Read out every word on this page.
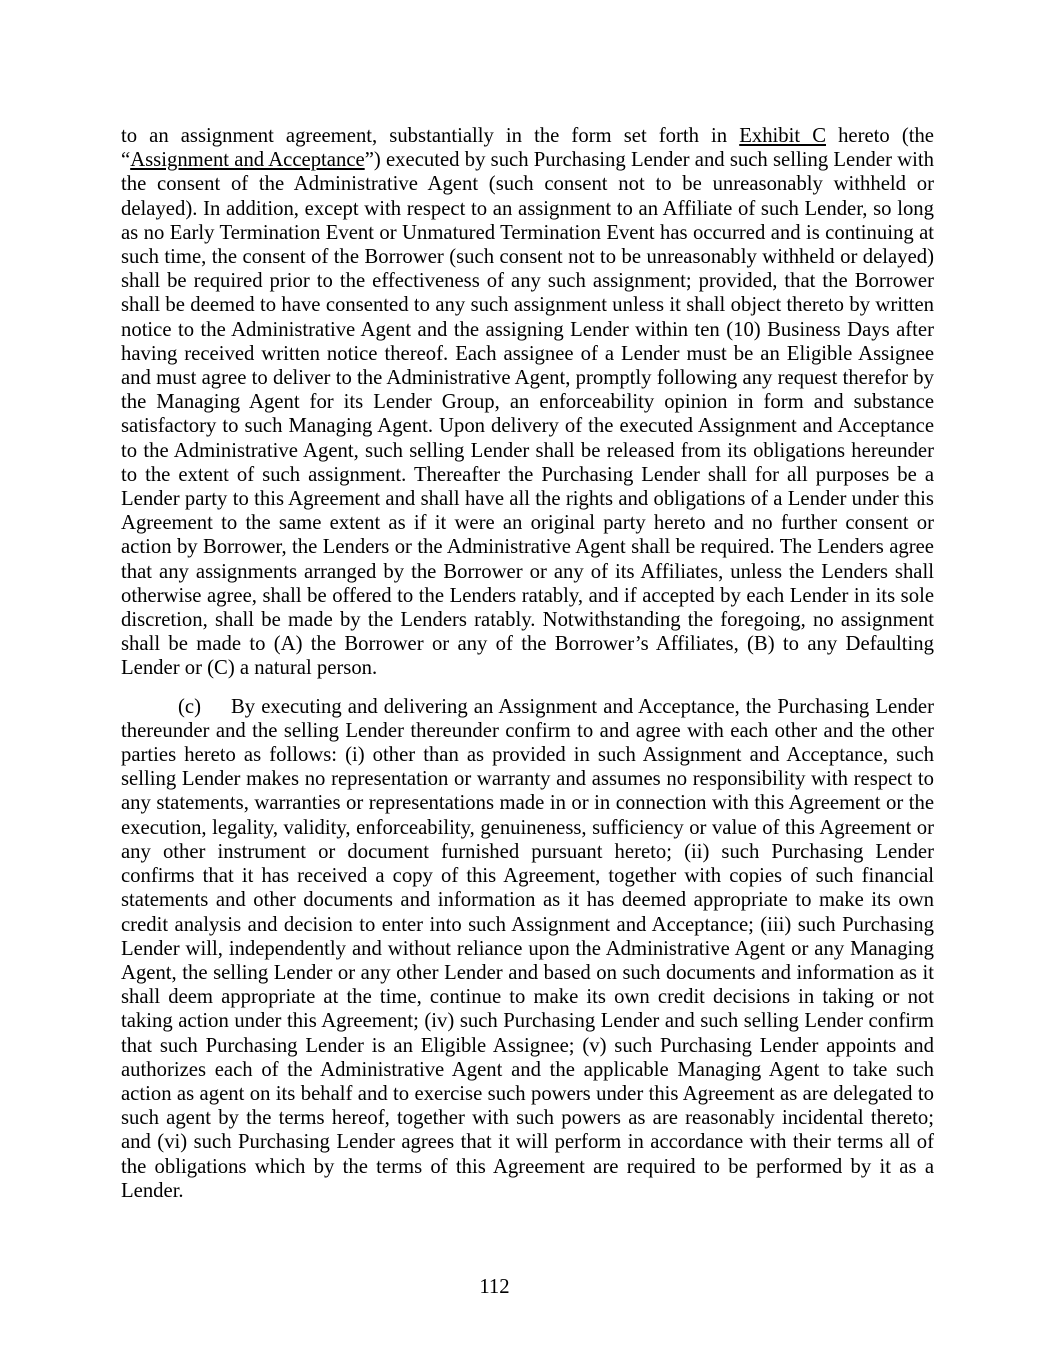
to an assignment agreement, substantially in the form set forth in Exhibit C hereto (the “Assignment and Acceptance”) executed by such Purchasing Lender and such selling Lender with the consent of the Administrative Agent (such consent not to be unreasonably withheld or delayed). In addition, except with respect to an assignment to an Affiliate of such Lender, so long as no Early Termination Event or Unmatured Termination Event has occurred and is continuing at such time, the consent of the Borrower (such consent not to be unreasonably withheld or delayed) shall be required prior to the effectiveness of any such assignment; provided, that the Borrower shall be deemed to have consented to any such assignment unless it shall object thereto by written notice to the Administrative Agent and the assigning Lender within ten (10) Business Days after having received written notice thereof. Each assignee of a Lender must be an Eligible Assignee and must agree to deliver to the Administrative Agent, promptly following any request therefor by the Managing Agent for its Lender Group, an enforceability opinion in form and substance satisfactory to such Managing Agent. Upon delivery of the executed Assignment and Acceptance to the Administrative Agent, such selling Lender shall be released from its obligations hereunder to the extent of such assignment. Thereafter the Purchasing Lender shall for all purposes be a Lender party to this Agreement and shall have all the rights and obligations of a Lender under this Agreement to the same extent as if it were an original party hereto and no further consent or action by Borrower, the Lenders or the Administrative Agent shall be required. The Lenders agree that any assignments arranged by the Borrower or any of its Affiliates, unless the Lenders shall otherwise agree, shall be offered to the Lenders ratably, and if accepted by each Lender in its sole discretion, shall be made by the Lenders ratably. Notwithstanding the foregoing, no assignment shall be made to (A) the Borrower or any of the Borrower’s Affiliates, (B) to any Defaulting Lender or (C) a natural person.

(c) By executing and delivering an Assignment and Acceptance, the Purchasing Lender thereunder and the selling Lender thereunder confirm to and agree with each other and the other parties hereto as follows: (i) other than as provided in such Assignment and Acceptance, such selling Lender makes no representation or warranty and assumes no responsibility with respect to any statements, warranties or representations made in or in connection with this Agreement or the execution, legality, validity, enforceability, genuineness, sufficiency or value of this Agreement or any other instrument or document furnished pursuant hereto; (ii) such Purchasing Lender confirms that it has received a copy of this Agreement, together with copies of such financial statements and other documents and information as it has deemed appropriate to make its own credit analysis and decision to enter into such Assignment and Acceptance; (iii) such Purchasing Lender will, independently and without reliance upon the Administrative Agent or any Managing Agent, the selling Lender or any other Lender and based on such documents and information as it shall deem appropriate at the time, continue to make its own credit decisions in taking or not taking action under this Agreement; (iv) such Purchasing Lender and such selling Lender confirm that such Purchasing Lender is an Eligible Assignee; (v) such Purchasing Lender appoints and authorizes each of the Administrative Agent and the applicable Managing Agent to take such action as agent on its behalf and to exercise such powers under this Agreement as are delegated to such agent by the terms hereof, together with such powers as are reasonably incidental thereto; and (vi) such Purchasing Lender agrees that it will perform in accordance with their terms all of the obligations which by the terms of this Agreement are required to be performed by it as a Lender.

112
